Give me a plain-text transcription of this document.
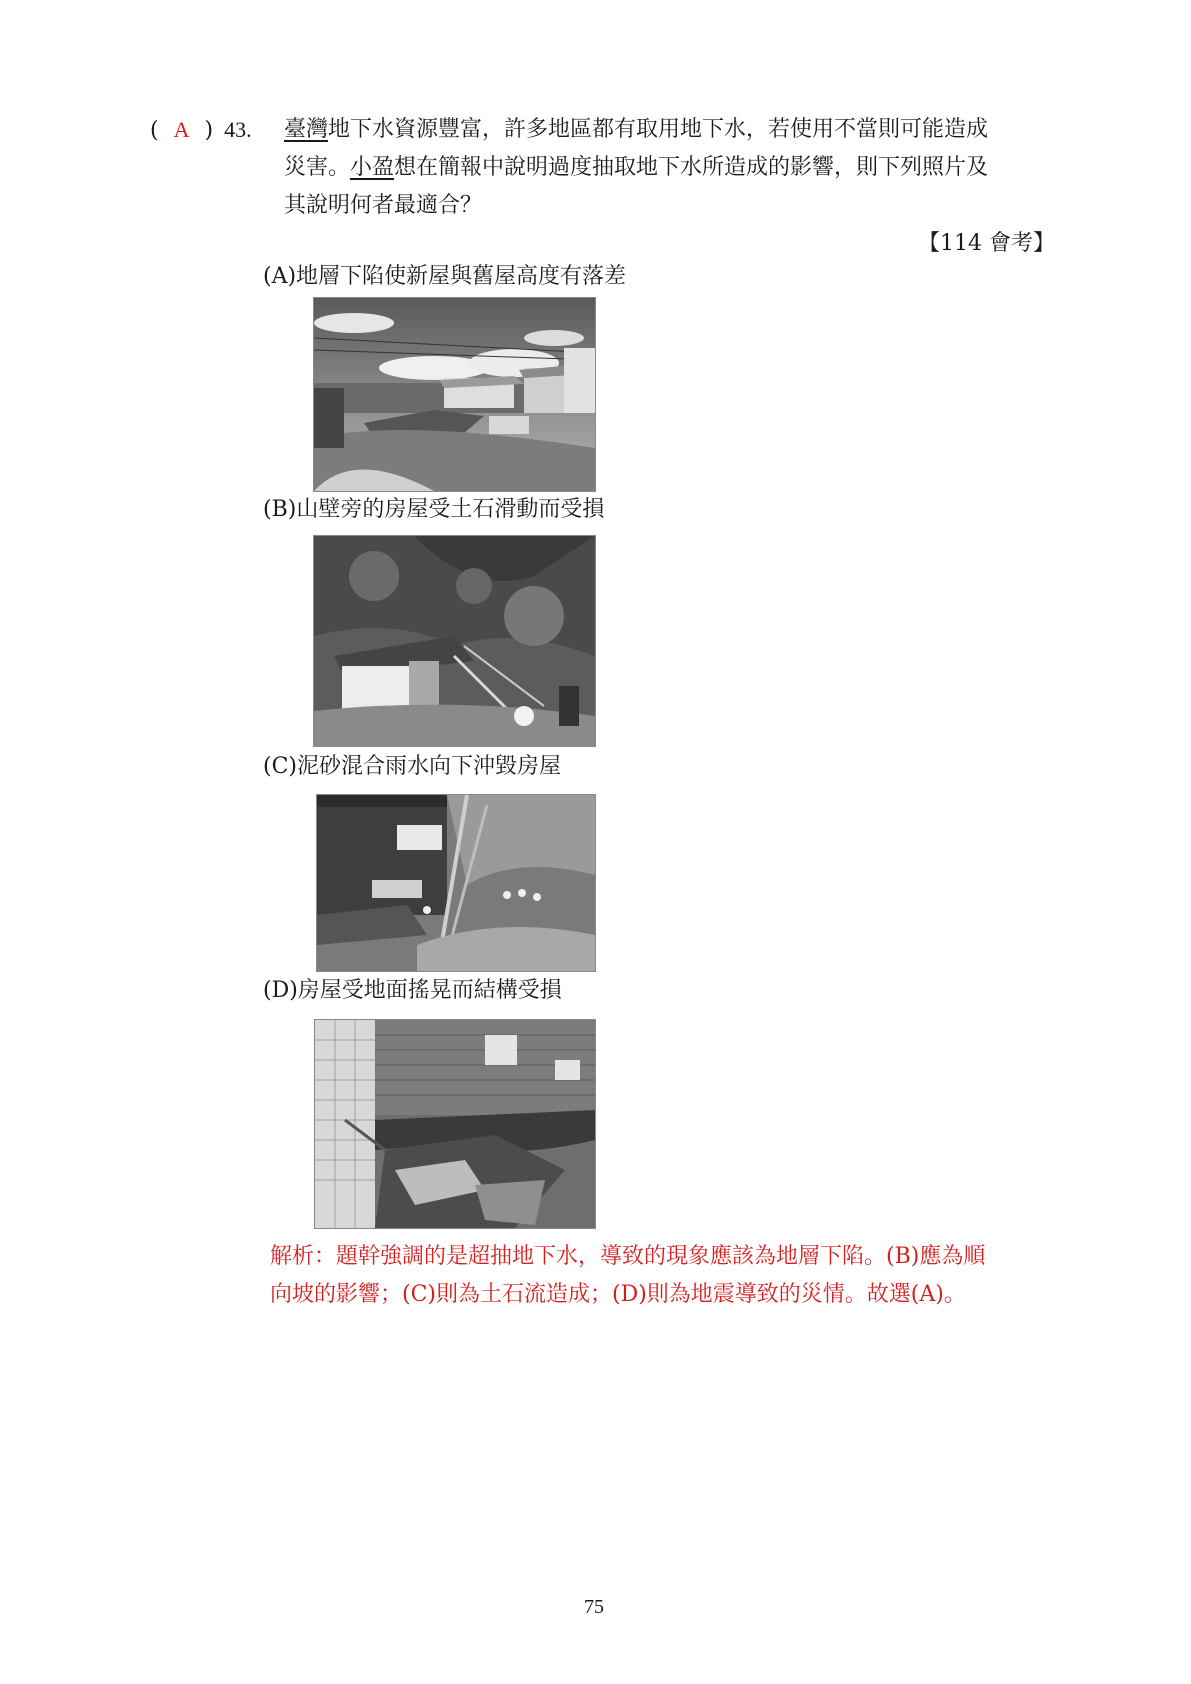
( A ) 43. 臺灣地下水資源豐富，許多地區都有取用地下水，若使用不當則可能造成
災害。小盈想在簡報中說明過度抽取地下水所造成的影響，則下列照片及
其說明何者最適合？
【114 會考】
(A)地層下陷使新屋與舊屋高度有落差
(B)山壁旁的房屋受土石滑動而受損
(C)泥砂混合雨水向下沖毀房屋
(D)房屋受地面搖晃而結構受損
解析：題幹強調的是超抽地下水，導致的現象應該為地層下陷。(B)應為順
向坡的影響；(C)則為土石流造成；(D)則為地震導致的災情。故選(A)。
75
